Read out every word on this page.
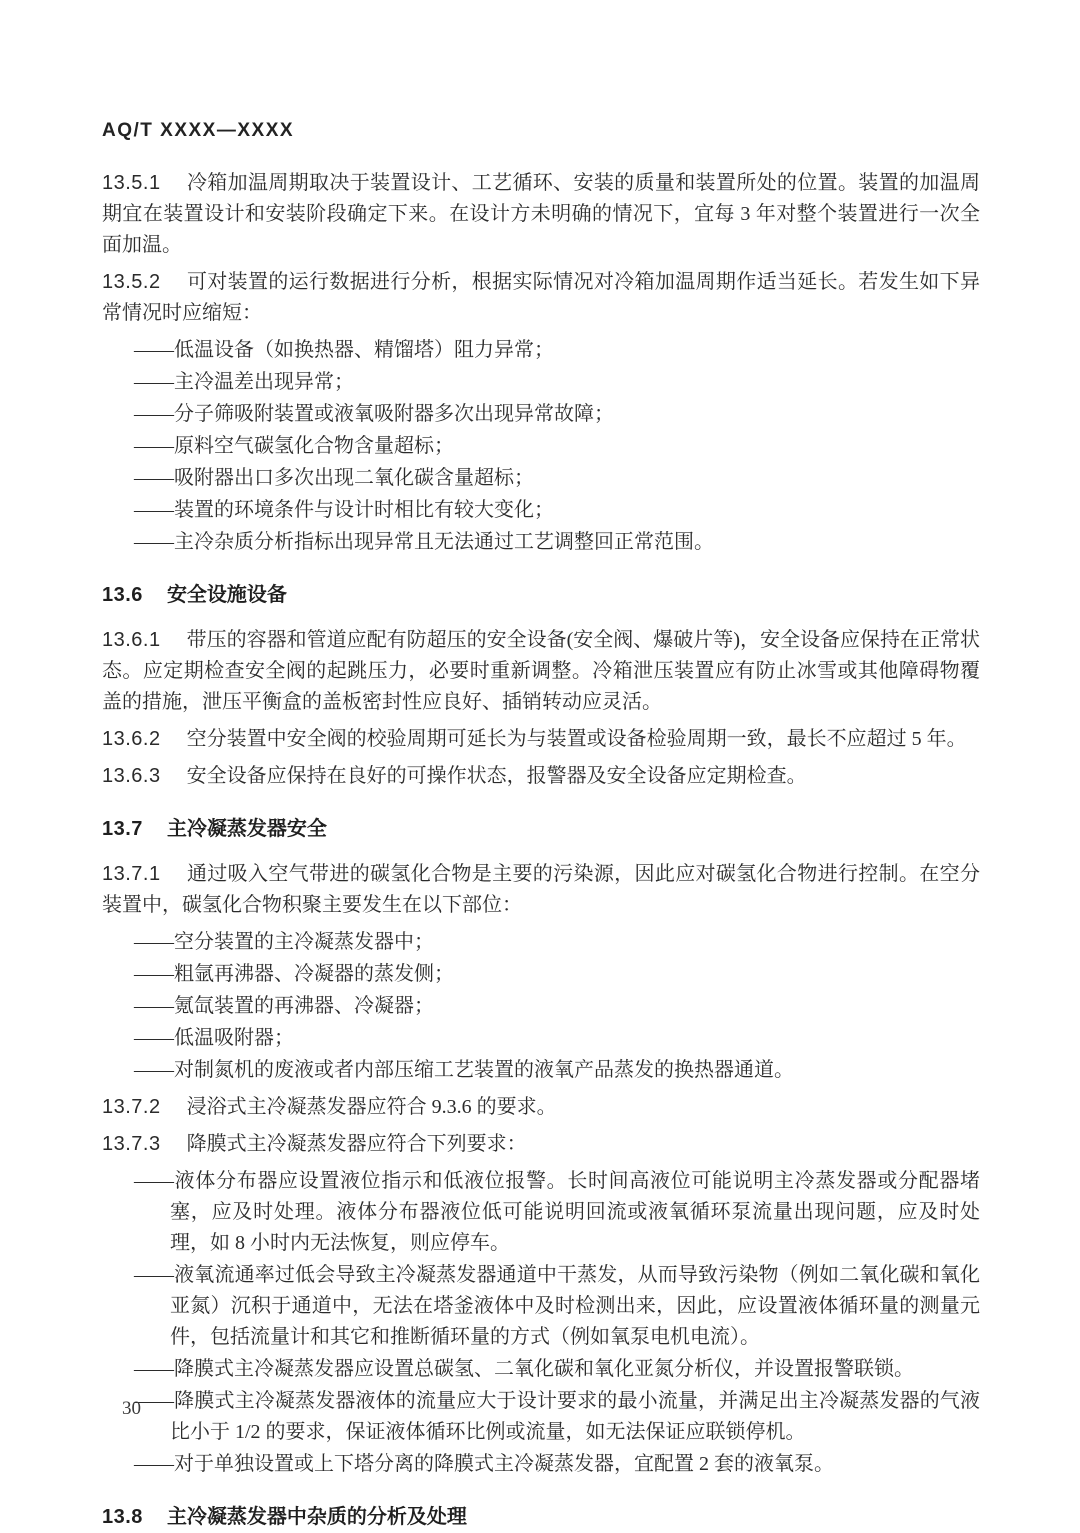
AQ/T XXXX—XXXX

13.5.1 冷箱加温周期取决于装置设计、工艺循环、安装的质量和装置所处的位置。装置的加温周期宜在装置设计和安装阶段确定下来。在设计方未明确的情况下，宜每 3 年对整个装置进行一次全面加温。

13.5.2 可对装置的运行数据进行分析，根据实际情况对冷箱加温周期作适当延长。若发生如下异常情况时应缩短：

——低温设备（如换热器、精馏塔）阻力异常；

——主冷温差出现异常；

——分子筛吸附装置或液氧吸附器多次出现异常故障；

——原料空气碳氢化合物含量超标；

——吸附器出口多次出现二氧化碳含量超标；

——装置的环境条件与设计时相比有较大变化；

——主冷杂质分析指标出现异常且无法通过工艺调整回正常范围。

13.6 安全设施设备

13.6.1 带压的容器和管道应配有防超压的安全设备(安全阀、爆破片等)，安全设备应保持在正常状态。应定期检查安全阀的起跳压力，必要时重新调整。冷箱泄压装置应有防止冰雪或其他障碍物覆盖的措施，泄压平衡盒的盖板密封性应良好、插销转动应灵活。

13.6.2 空分装置中安全阀的校验周期可延长为与装置或设备检验周期一致，最长不应超过 5 年。

13.6.3 安全设备应保持在良好的可操作状态，报警器及安全设备应定期检查。

13.7 主冷凝蒸发器安全

13.7.1 通过吸入空气带进的碳氢化合物是主要的污染源，因此应对碳氢化合物进行控制。在空分装置中，碳氢化合物积聚主要发生在以下部位：

——空分装置的主冷凝蒸发器中；

——粗氩再沸器、冷凝器的蒸发侧；

——氪氙装置的再沸器、冷凝器；

——低温吸附器；

——对制氮机的废液或者内部压缩工艺装置的液氧产品蒸发的换热器通道。

13.7.2 浸浴式主冷凝蒸发器应符合 9.3.6 的要求。

13.7.3 降膜式主冷凝蒸发器应符合下列要求：

——液体分布器应设置液位指示和低液位报警。长时间高液位可能说明主冷蒸发器或分配器堵塞，应及时处理。液体分布器液位低可能说明回流或液氧循环泵流量出现问题，应及时处理，如 8 小时内无法恢复，则应停车。

——液氧流通率过低会导致主冷凝蒸发器通道中干蒸发，从而导致污染物（例如二氧化碳和氧化亚氮）沉积于通道中，无法在塔釜液体中及时检测出来，因此，应设置液体循环量的测量元件，包括流量计和其它和推断循环量的方式（例如氧泵电机电流）。

——降膜式主冷凝蒸发器应设置总碳氢、二氧化碳和氧化亚氮分析仪，并设置报警联锁。

——降膜式主冷凝蒸发器液体的流量应大于设计要求的最小流量，并满足出主冷凝蒸发器的气液比小于 1/2 的要求，保证液体循环比例或流量，如无法保证应联锁停机。

——对于单独设置或上下塔分离的降膜式主冷凝蒸发器，宜配置 2 套的液氧泵。

13.8 主冷凝蒸发器中杂质的分析及处理

30
